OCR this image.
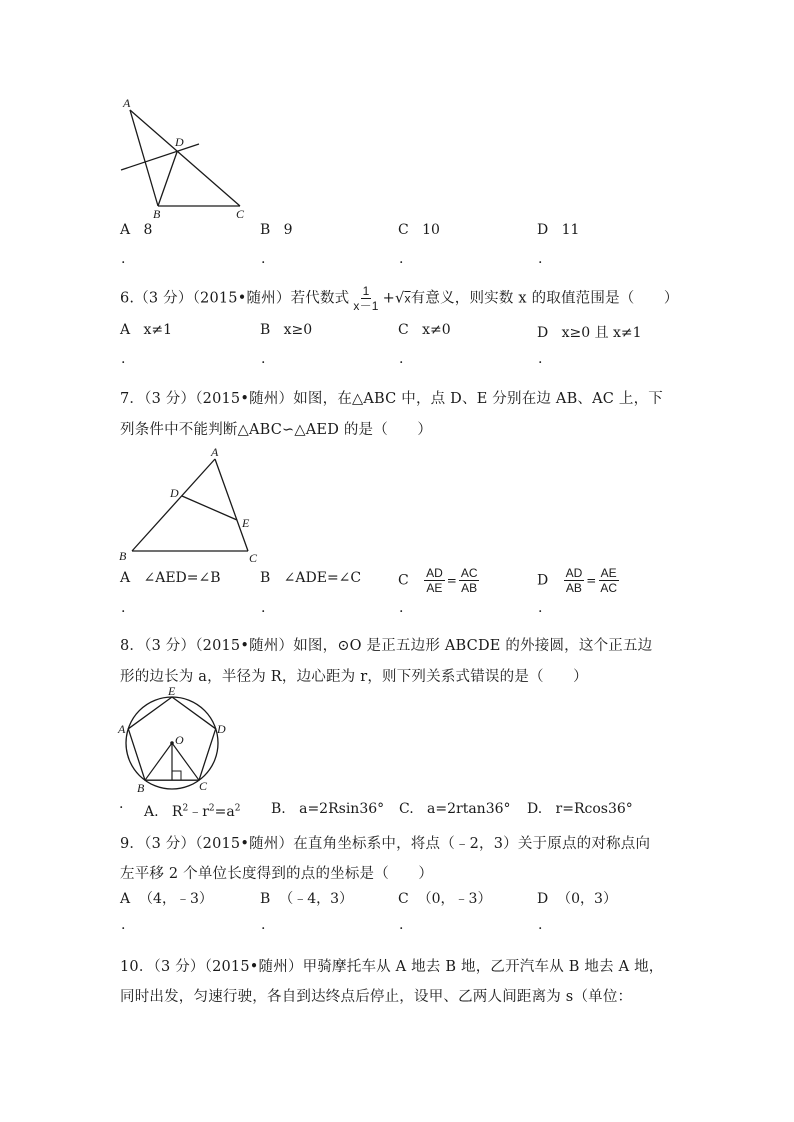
A
D
B	C
A 8	B 9	C 10	D 11
.	.	.	.
6.（3 分）（2015•随州）若代数式 $\frac{1}{x-1} +√x$有意义，则实数 x 的取值范围是（　　）
A x≠1	B x≥0	C x≠0	D x≥0 且 x≠1
.	.	.	.
7．（3 分）（2015•随州）如图，在△ABC 中，点 D、E 分别在边 AB、AC 上，下
列条件中不能判断△ABC∽△AED 的是（　　）
A
D
E
B	C
A ∠AED=∠B	B ∠ADE=∠C	C $\frac{AD}{AE} = \frac{AC}{AB}$	D $\frac{AD}{AB} = \frac{AE}{AC}$
.	.	.	.
8．（3 分）（2015•随州）如图，⊙O 是正五边形 ABCDE 的外接圆，这个正五边
形的边长为 a，半径为 R，边心距为 r，则下列关系式错误的是（　　）
E
A	D
O
B	C
. A. $R^2﹣r^2=a^2$ B. a=2Rsin36° C. a=2rtan36° D. r=Rcos36°
9．（3 分）（2015•随州）在直角坐标系中，将点（﹣2，3）关于原点的对称点向
左平移 2 个单位长度得到的点的坐标是（　　）
A （4，﹣3）	B （﹣4，3）	C （0，﹣3）	D （0，3）
.	.	.	.
10．（3 分）（2015•随州）甲骑摩托车从 A 地去 B 地，乙开汽车从 B 地去 A 地，
同时出发，匀速行驶，各自到达终点后停止，设甲、乙两人间距离为 s（单位：
